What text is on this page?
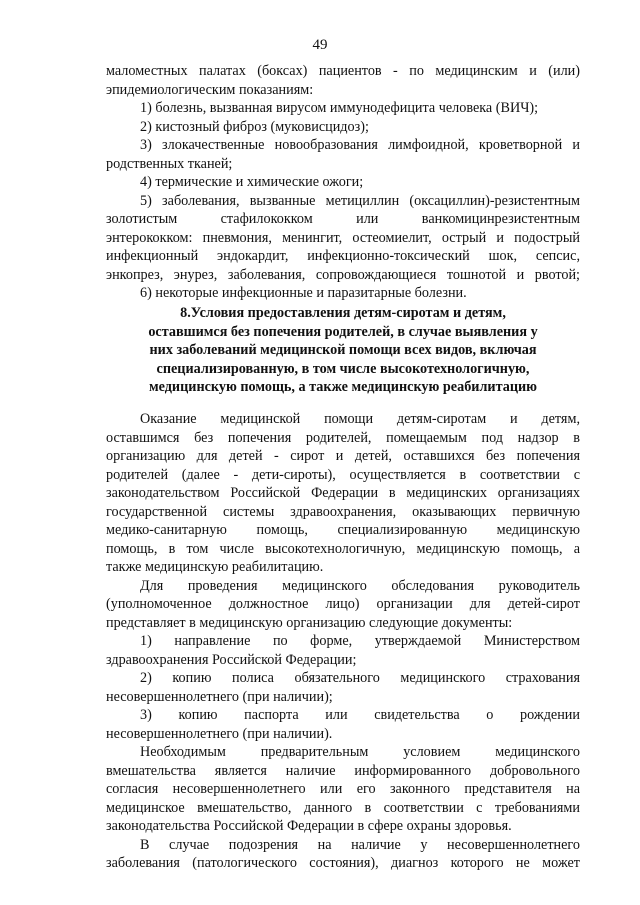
49
маломестных палатах (боксах) пациентов - по медицинским и (или)
эпидемиологическим показаниям:
1) болезнь, вызванная вирусом иммунодефицита человека (ВИЧ);
2) кистозный фиброз (муковисцидоз);
3) злокачественные новообразования лимфоидной, кроветворной и
родственных тканей;
4) термические и химические ожоги;
5) заболевания, вызванные метициллин (оксациллин)-резистентным
золотистым стафилококком или ванкомицинрезистентным
энтерококком: пневмония, менингит, остеомиелит, острый и подострый
инфекционный эндокардит, инфекционно-токсический шок, сепсис,
энкопрез, энурез, заболевания, сопровождающиеся тошнотой и рвотой;
6) некоторые инфекционные и паразитарные болезни.
8.Условия предоставления детям-сиротам и детям,
оставшимся без попечения родителей, в случае выявления у
них заболеваний медицинской помощи всех видов, включая
специализированную, в том числе высокотехнологичную,
медицинскую помощь, а также медицинскую реабилитацию
Оказание медицинской помощи детям-сиротам и детям,
оставшимся без попечения родителей, помещаемым под надзор в
организацию для детей - сирот и детей, оставшихся без попечения
родителей (далее - дети-сироты), осуществляется в соответствии с
законодательством Российской Федерации в медицинских организациях
государственной системы здравоохранения, оказывающих первичную
медико-санитарную помощь, специализированную медицинскую
помощь, в том числе высокотехнологичную, медицинскую помощь, а
также медицинскую реабилитацию.
Для проведения медицинского обследования руководитель
(уполномоченное должностное лицо) организации для детей-сирот
представляет в медицинскую организацию следующие документы:
1) направление по форме, утверждаемой Министерством
здравоохранения Российской Федерации;
2) копию полиса обязательного медицинского страхования
несовершеннолетнего (при наличии);
3) копию паспорта или свидетельства о рождении
несовершеннолетнего (при наличии).
Необходимым предварительным условием медицинского
вмешательства является наличие информированного добровольного
согласия несовершеннолетнего или его законного представителя на
медицинское вмешательство, данного в соответствии с требованиями
законодательства Российской Федерации в сфере охраны здоровья.
В случае подозрения на наличие у несовершеннолетнего
заболевания (патологического состояния), диагноз которого не может
